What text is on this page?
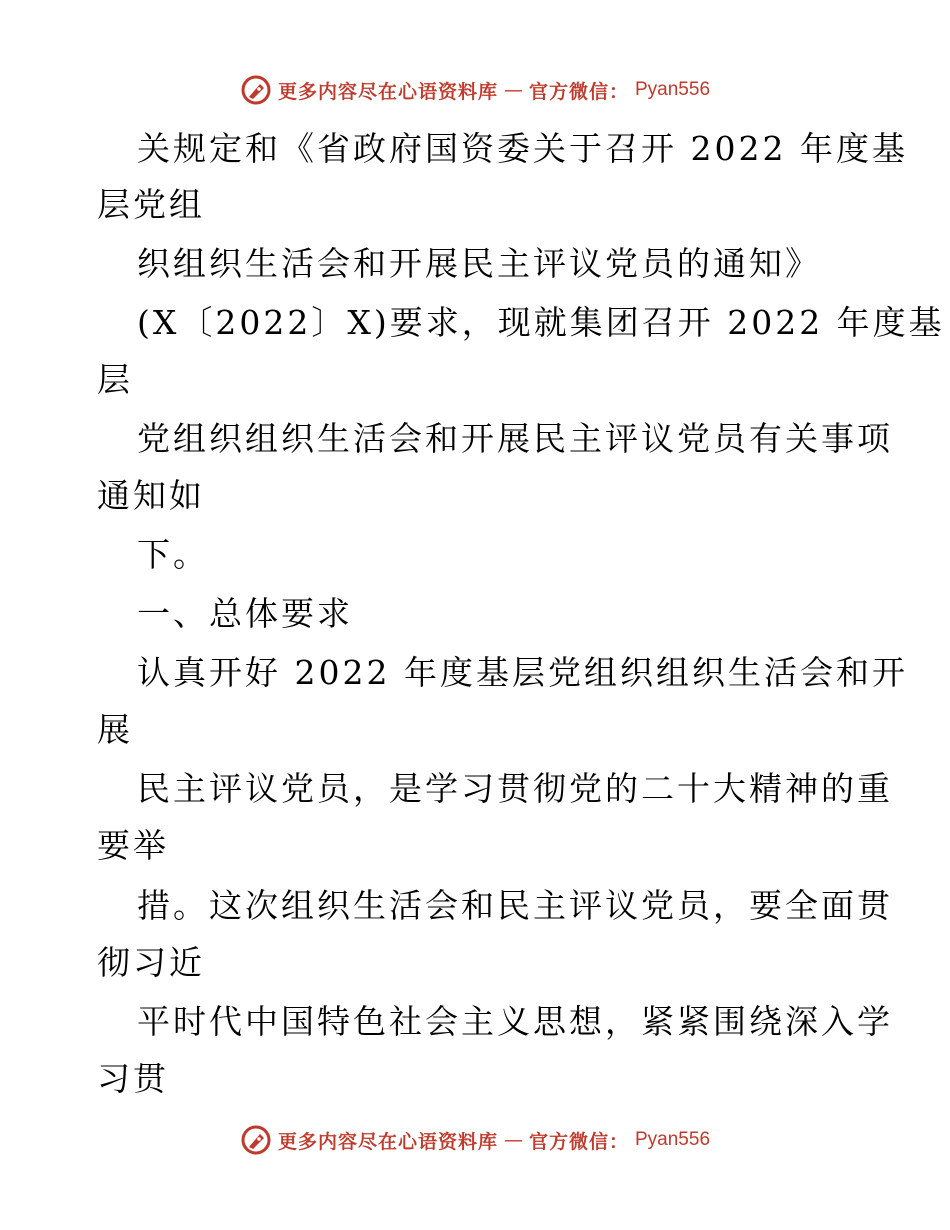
更多内容尽在心语资料库 — 官方微信： Pyan556
关规定和《省政府国资委关于召开 2022 年度基
层党组
织组织生活会和开展民主评议党员的通知》
(X〔2022〕X)要求，现就集团召开 2022 年度基
层
党组织组织生活会和开展民主评议党员有关事项
通知如
下。
一、总体要求
认真开好 2022 年度基层党组织组织生活会和开
展
民主评议党员，是学习贯彻党的二十大精神的重
要举
措。这次组织生活会和民主评议党员，要全面贯
彻习近
平时代中国特色社会主义思想，紧紧围绕深入学
习贯
更多内容尽在心语资料库 — 官方微信： Pyan556
